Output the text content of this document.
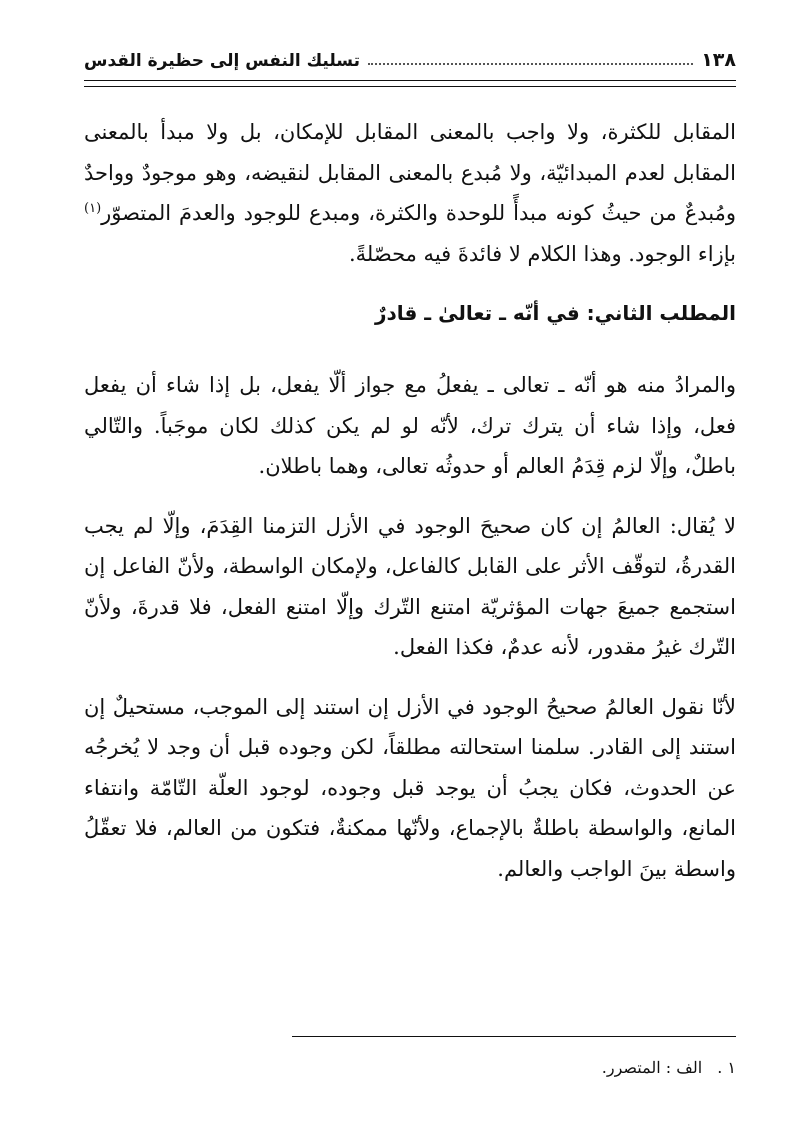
١٣٨
تسليك النفس إلى حظيرة القدس

المقابل للكثرة، ولا واجب بالمعنى المقابل للإمكان، بل ولا مبدأ بالمعنى المقابل لعدم المبدائيّة، ولا مُبدع بالمعنى المقابل لنقيضه، وهو موجودٌ وواحدٌ ومُبدعٌ من حيثُ كونه مبدأً للوحدة والكثرة، ومبدع للوجود والعدمَ المتصوّر$^{(١)}$ بإزاء الوجود. وهذا الكلام لا فائدةَ فيه محصّلةً.

المطلب الثاني: في أنّه ـ تعالىٰ ـ قادرٌ

والمرادُ منه هو أنّه ـ تعالى ـ يفعلُ مع جواز ألّا يفعل، بل إذا شاء أن يفعل فعل، وإذا شاء أن يترك ترك، لأنّه لو لم يكن كذلك لكان موجَباً. والتّالي باطلٌ، وإلّا لزم قِدَمُ العالم أو حدوثُه تعالى، وهما باطلان.

لا يُقال: العالمُ إن كان صحيحَ الوجود في الأزل التزمنا القِدَمَ، وإلّا لم يجب القدرةُ، لتوقّف الأثر على القابل كالفاعل، ولإمكان الواسطة، ولأنّ الفاعل إن استجمع جميعَ جهات المؤثريّة امتنع التّرك وإلّا امتنع الفعل، فلا قدرةَ، ولأنّ التّرك غيرُ مقدور، لأنه عدمٌ، فكذا الفعل.

لأنّا نقول العالمُ صحيحُ الوجود في الأزل إن استند إلى الموجب، مستحيلٌ إن استند إلى القادر. سلمنا استحالته مطلقاً، لكن وجوده قبل أن وجد لا يُخرجُه عن الحدوث، فكان يجبُ أن يوجد قبل وجوده، لوجود العلّة التّامّة وانتفاء المانع، والواسطة باطلةٌ بالإجماع، ولأنّها ممكنةٌ، فتكون من العالم، فلا تعقّلُ واسطة بينَ الواجب والعالم.

١ . الف : المتصرر.
